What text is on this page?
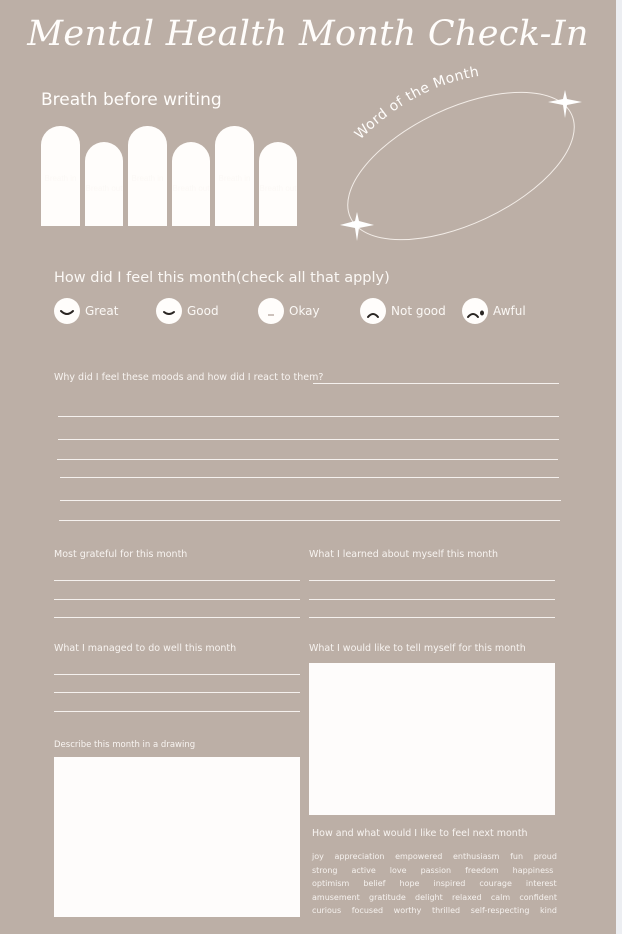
Mental Health Month Check-In
Breath before writing
Breath in
Breath out
Breath in
Breath out
Breath in
Breath out
Word of the Month
How did I feel this month(check all that apply)
Great	Good	Okay	Not good	Awful
Why did I feel these moods and how did I react to them?
Most grateful for this month	What I learned about myself this month
What I managed to do well this month	What I would like to tell myself for this month
Describe this month in a drawing
How and what would I like to feel next month
joy appreciation empowered enthusiasm fun proud
strong active love passion freedom happiness
optimism belief hope inspired courage interest
amusement gratitude delight relaxed calm confident
curious focused worthy thrilled self-respecting kind
